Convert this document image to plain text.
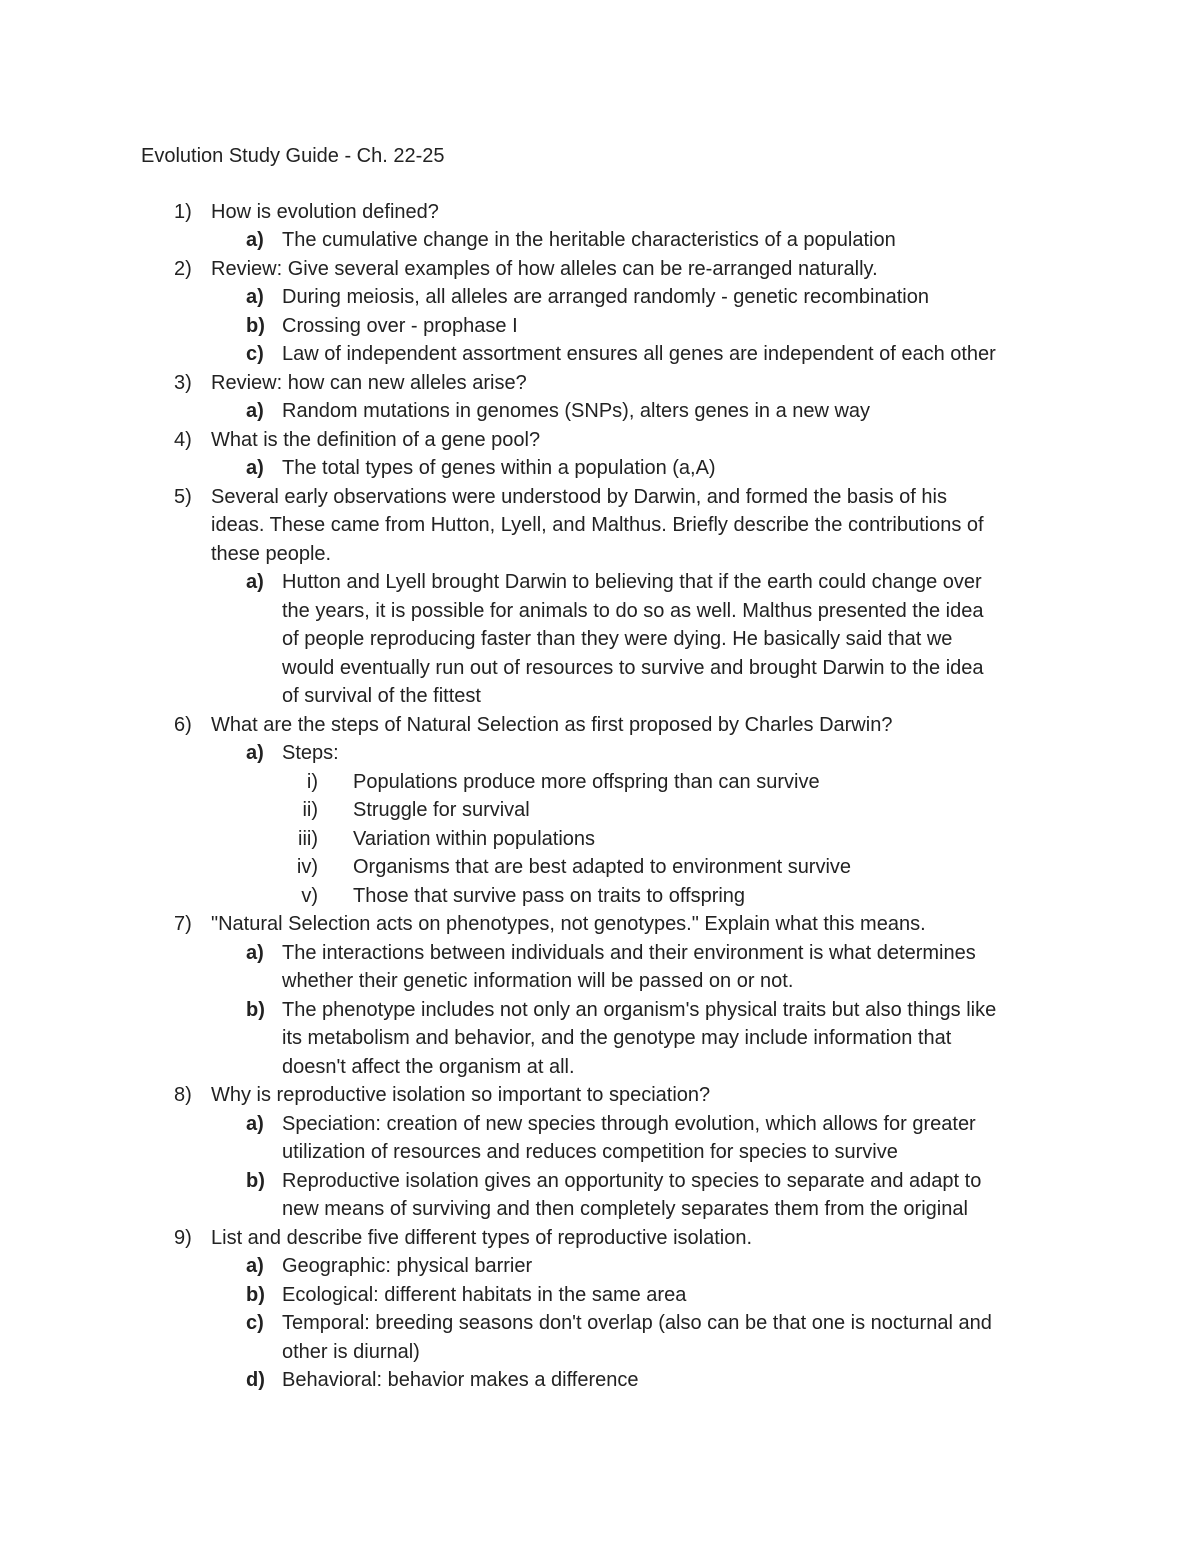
Evolution Study Guide - Ch. 22-25
1) How is evolution defined?
a) The cumulative change in the heritable characteristics of a population
2) Review: Give several examples of how alleles can be re-arranged naturally.
a) During meiosis, all alleles are arranged randomly - genetic recombination
b) Crossing over - prophase I
c) Law of independent assortment ensures all genes are independent of each other
3) Review: how can new alleles arise?
a) Random mutations in genomes (SNPs), alters genes in a new way
4) What is the definition of a gene pool?
a) The total types of genes within a population (a,A)
5) Several early observations were understood by Darwin, and formed the basis of his
ideas. These came from Hutton, Lyell, and Malthus. Briefly describe the contributions of
these people.
a) Hutton and Lyell brought Darwin to believing that if the earth could change over
the years, it is possible for animals to do so as well. Malthus presented the idea
of people reproducing faster than they were dying. He basically said that we
would eventually run out of resources to survive and brought Darwin to the idea
of survival of the fittest
6) What are the steps of Natural Selection as first proposed by Charles Darwin?
a) Steps:
i) Populations produce more offspring than can survive
ii) Struggle for survival
iii) Variation within populations
iv) Organisms that are best adapted to environment survive
v) Those that survive pass on traits to offspring
7) "Natural Selection acts on phenotypes, not genotypes." Explain what this means.
a) The interactions between individuals and their environment is what determines
whether their genetic information will be passed on or not.
b) The phenotype includes not only an organism's physical traits but also things like
its metabolism and behavior, and the genotype may include information that
doesn't affect the organism at all.
8) Why is reproductive isolation so important to speciation?
a) Speciation: creation of new species through evolution, which allows for greater
utilization of resources and reduces competition for species to survive
b) Reproductive isolation gives an opportunity to species to separate and adapt to
new means of surviving and then completely separates them from the original
9) List and describe five different types of reproductive isolation.
a) Geographic: physical barrier
b) Ecological: different habitats in the same area
c) Temporal: breeding seasons don't overlap (also can be that one is nocturnal and
other is diurnal)
d) Behavioral: behavior makes a difference
